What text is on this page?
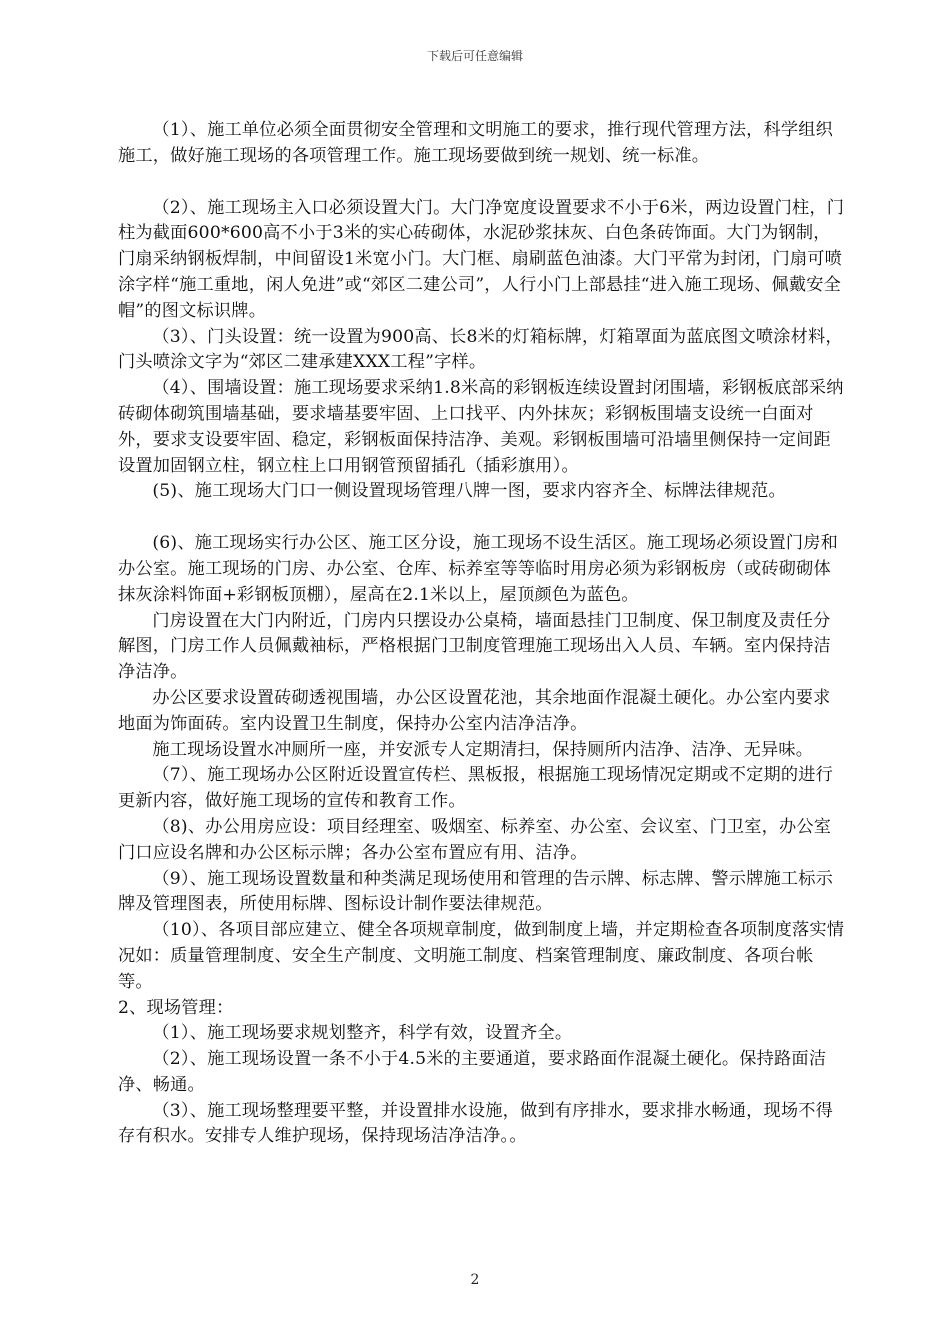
下载后可任意编辑

（1）、施工单位必须全面贯彻安全管理和文明施工的要求，推行现代管理方法，科学组织施工，做好施工现场的各项管理工作。施工现场要做到统一规划、统一标准。

（2）、施工现场主入口必须设置大门。大门净宽度设置要求不小于6米，两边设置门柱，门柱为截面600*600高不小于3米的实心砖砌体，水泥砂浆抹灰、白色条砖饰面。大门为钢制，门扇采纳钢板焊制，中间留设1米宽小门。大门框、扇刷蓝色油漆。大门平常为封闭，门扇可喷涂字样“施工重地，闲人免进”或“郊区二建公司”，人行小门上部悬挂“进入施工现场、佩戴安全帽”的图文标识牌。

（3）、门头设置：统一设置为900高、长8米的灯箱标牌，灯箱罩面为蓝底图文喷涂材料，门头喷涂文字为“郊区二建承建XXX工程”字样。

（4）、围墙设置：施工现场要求采纳1.8米高的彩钢板连续设置封闭围墙，彩钢板底部采纳砖砌体砌筑围墙基础，要求墙基要牢固、上口找平、内外抹灰；彩钢板围墙支设统一白面对外，要求支设要牢固、稳定，彩钢板面保持洁净、美观。彩钢板围墙可沿墙里侧保持一定间距设置加固钢立柱，钢立柱上口用钢管预留插孔（插彩旗用）。

(5)、施工现场大门口一侧设置现场管理八牌一图，要求内容齐全、标牌法律规范。

(6)、施工现场实行办公区、施工区分设，施工现场不设生活区。施工现场必须设置门房和办公室。施工现场的门房、办公室、仓库、标养室等等临时用房必须为彩钢板房（或砖砌砌体抹灰涂料饰面+彩钢板顶棚），屋高在2.1米以上，屋顶颜色为蓝色。

门房设置在大门内附近，门房内只摆设办公桌椅，墙面悬挂门卫制度、保卫制度及责任分解图，门房工作人员佩戴袖标，严格根据门卫制度管理施工现场出入人员、车辆。室内保持洁净洁净。

办公区要求设置砖砌透视围墙，办公区设置花池，其余地面作混凝土硬化。办公室内要求地面为饰面砖。室内设置卫生制度，保持办公室内洁净洁净。

施工现场设置水冲厕所一座，并安派专人定期清扫，保持厕所内洁净、洁净、无异味。

（7）、施工现场办公区附近设置宣传栏、黑板报，根据施工现场情况定期或不定期的进行更新内容，做好施工现场的宣传和教育工作。

（8)、办公用房应设：项目经理室、吸烟室、标养室、办公室、会议室、门卫室，办公室门口应设名牌和办公区标示牌；各办公室布置应有用、洁净。

（9）、施工现场设置数量和种类满足现场使用和管理的告示牌、标志牌、警示牌施工标示牌及管理图表，所使用标牌、图标设计制作要法律规范。

（10）、各项目部应建立、健全各项规章制度，做到制度上墙，并定期检查各项制度落实情况如：质量管理制度、安全生产制度、文明施工制度、档案管理制度、廉政制度、各项台帐等。

2、现场管理：

（1）、施工现场要求规划整齐，科学有效，设置齐全。

（2）、施工现场设置一条不小于4.5米的主要通道，要求路面作混凝土硬化。保持路面洁净、畅通。

（3）、施工现场整理要平整，并设置排水设施，做到有序排水，要求排水畅通，现场不得存有积水。安排专人维护现场，保持现场洁净洁净。。

2
